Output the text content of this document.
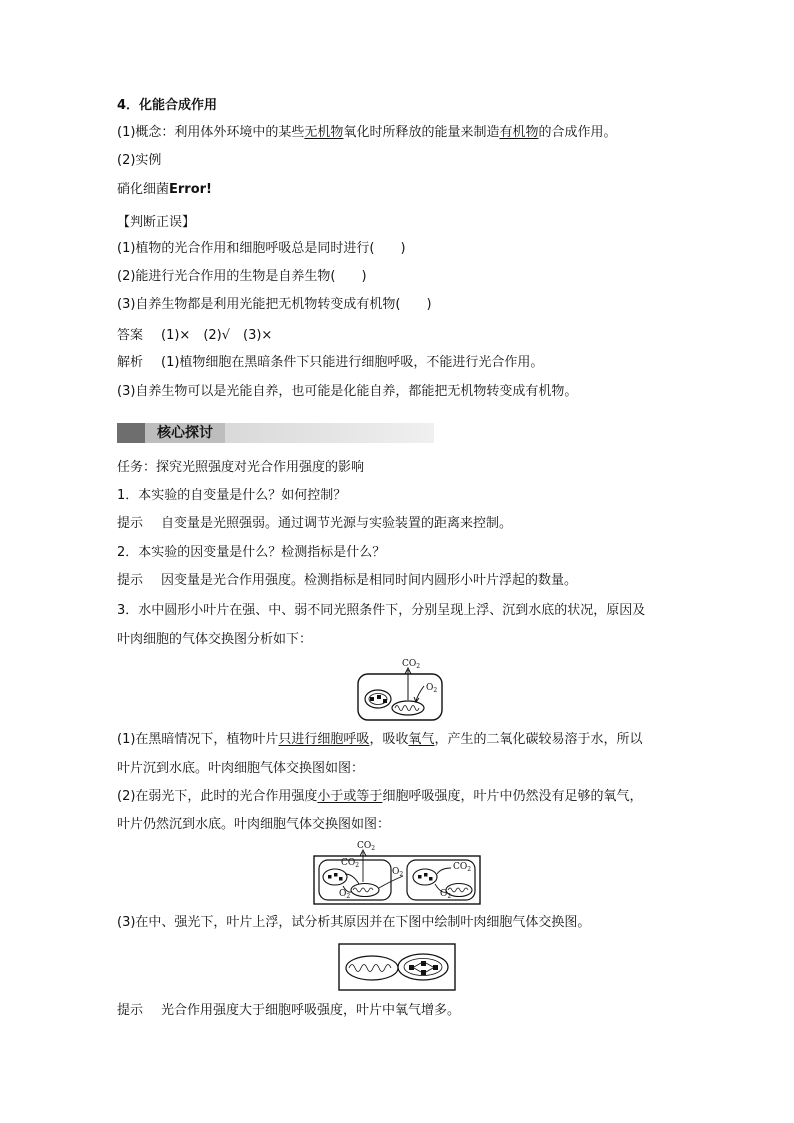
4．化能合成作用
(1)概念：利用体外环境中的某些无机物氧化时所释放的能量来制造有机物的合成作用。
(2)实例
硝化细菌Error!
【判断正误】
(1)植物的光合作用和细胞呼吸总是同时进行(　　)
(2)能进行光合作用的生物是自养生物(　　)
(3)自养生物都是利用光能把无机物转变成有机物(　　)
答案 (1)×　(2)√　(3)×
解析 (1)植物细胞在黑暗条件下只能进行细胞呼吸，不能进行光合作用。
(3)自养生物可以是光能自养，也可能是化能自养，都能把无机物转变成有机物。
核心探讨
任务：探究光照强度对光合作用强度的影响
1．本实验的自变量是什么？如何控制？
提示 自变量是光照强弱。通过调节光源与实验装置的距离来控制。
2．本实验的因变量是什么？检测指标是什么？
提示 因变量是光合作用强度。检测指标是相同时间内圆形小叶片浮起的数量。
3．水中圆形小叶片在强、中、弱不同光照条件下，分别呈现上浮、沉到水底的状况，原因及
叶肉细胞的气体交换图分析如下：
$CO_2$
$O_2$
(1)在黑暗情况下，植物叶片只进行细胞呼吸，吸收氧气，产生的二氧化碳较易溶于水，所以
叶片沉到水底。叶肉细胞气体交换图如图：
(2)在弱光下，此时的光合作用强度小于或等于细胞呼吸强度，叶片中仍然没有足够的氧气，
叶片仍然沉到水底。叶肉细胞气体交换图如图：
$CO_2$
$CO_2$
$O_2$
$O_2$
$CO_2$
$O_2$
(3)在中、强光下，叶片上浮，试分析其原因并在下图中绘制叶肉细胞气体交换图。
提示 光合作用强度大于细胞呼吸强度，叶片中氧气增多。
